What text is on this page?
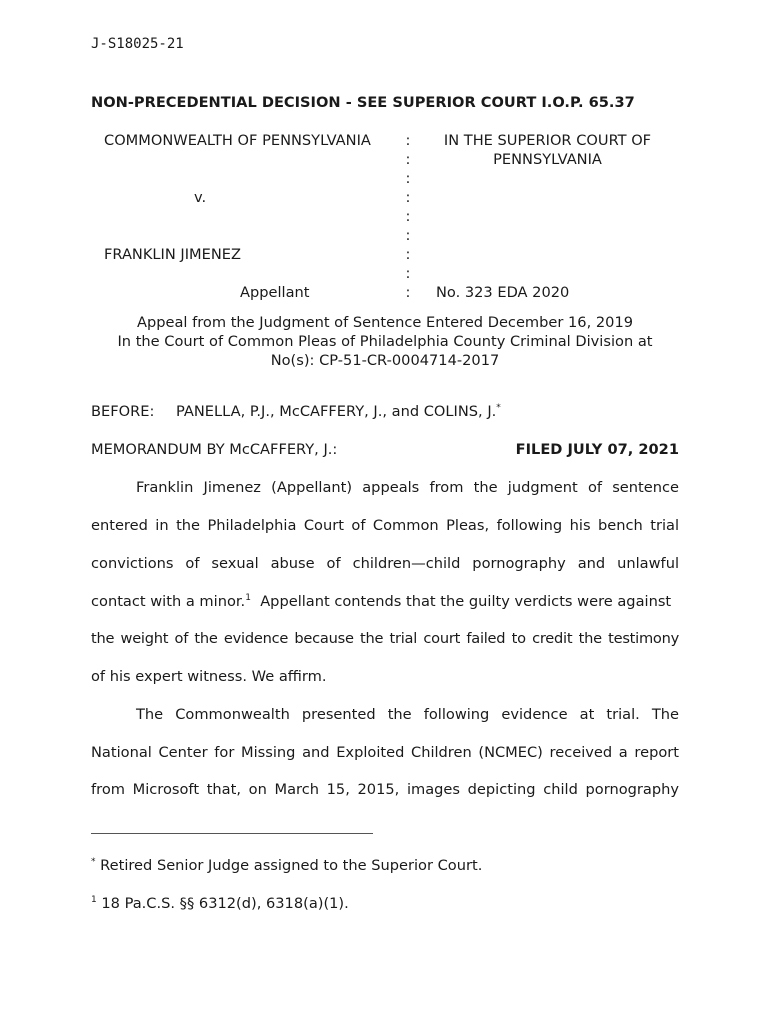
J-S18025-21
NON-PRECEDENTIAL DECISION - SEE SUPERIOR COURT I.O.P. 65.37
COMMONWEALTH OF PENNSYLVANIA
v.
FRANKLIN JIMENEZ
Appellant
:
:
:
:
:
:
:
:
:
IN THE SUPERIOR COURT OF
PENNSYLVANIA
No. 323 EDA 2020
Appeal from the Judgment of Sentence Entered December 16, 2019
In the Court of Common Pleas of Philadelphia County Criminal Division at
No(s): CP-51-CR-0004714-2017
BEFORE: PANELLA, P.J., McCAFFERY, J., and COLINS, J.*
MEMORANDUM BY McCAFFERY, J.:	FILED JULY 07, 2021
Franklin Jimenez (Appellant) appeals from the judgment of sentence
entered in the Philadelphia Court of Common Pleas, following his bench trial
convictions of sexual abuse of children—child pornography and unlawful
contact with a minor.$^1$  Appellant contends that the guilty verdicts were against
the weight of the evidence because the trial court failed to credit the testimony
of his expert witness. We affirm.
The Commonwealth presented the following evidence at trial. The
National Center for Missing and Exploited Children (NCMEC) received a report
from Microsoft that, on March 15, 2015, images depicting child pornography
* Retired Senior Judge assigned to the Superior Court.
$^1$ 18 Pa.C.S. §§ 6312(d), 6318(a)(1).
